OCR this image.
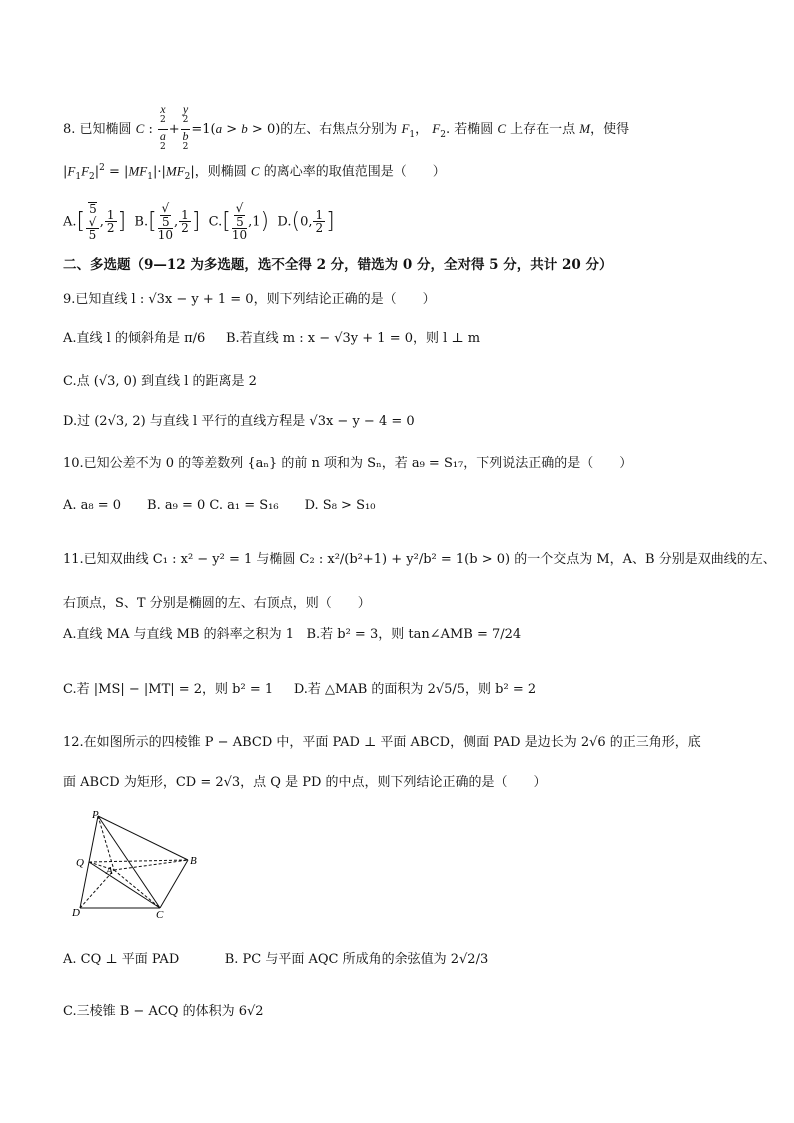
8. 已知椭圆 C : x
$^2$
a
$^2$ + y
$^2$
b
$^2$ =1(a > b > 0)的左、右焦点分别为 $F_1$， $F_2$. 若椭圆 C 上存在一点 M，使得
$|F_1F_2|^2 = |MF_1|\cdot|MF_2|$，则椭圆 C 的离心率的取值范围是（　　）
A.[ 5
√
5 , $\frac{1}{2}$ ]  B.[ √
5
10 , $\frac{1}{2}$ ]  C.[ √
5
10 ,1)  D.(0, $\frac{1}{2}$ ]
二、多选题（9—12 为多选题，选不全得 2 分，错选为 0 分，全对得 5 分，共计 20 分）
9.已知直线 l : √3x − y + 1 = 0，则下列结论正确的是（　　）
A.直线 l 的倾斜角是 π/6 B.若直线 m : x − √3y + 1 = 0，则 l ⊥ m
C.点 (√3, 0) 到直线 l 的距离是 2
D.过 (2√3, 2) 与直线 l 平行的直线方程是 √3x − y − 4 = 0
10.已知公差不为 0 的等差数列 {aₙ} 的前 n 项和为 Sₙ，若 a₉ = S₁₇，下列说法正确的是（　　）
A. a₈ = 0　　B. a₉ = 0 C. a₁ = S₁₆　　D. S₈ > S₁₀
11.已知双曲线 C₁ : x² − y² = 1 与椭圆 C₂ : x²/(b²+1) + y²/b² = 1(b > 0) 的一个交点为 M，A、B 分别是双曲线的左、
右顶点，S、T 分别是椭圆的左、右顶点，则（　　）
A.直线 MA 与直线 MB 的斜率之积为 1 B.若 b² = 3，则 tan∠AMB = 7/24
C.若 |MS| − |MT| = 2，则 b² = 1 D.若 △MAB 的面积为 2√5/5，则 b² = 2
12.在如图所示的四棱锥 P − ABCD 中，平面 PAD ⊥ 平面 ABCD，侧面 PAD 是边长为 2√6 的正三角形，底
面 ABCD 为矩形，CD = 2√3，点 Q 是 PD 的中点，则下列结论正确的是（　　）
P
Q
A
B
D	C
A. CQ ⊥ 平面 PAD	B. PC 与平面 AQC 所成角的余弦值为 2√2/3
C.三棱锥 B − ACQ 的体积为 6√2
